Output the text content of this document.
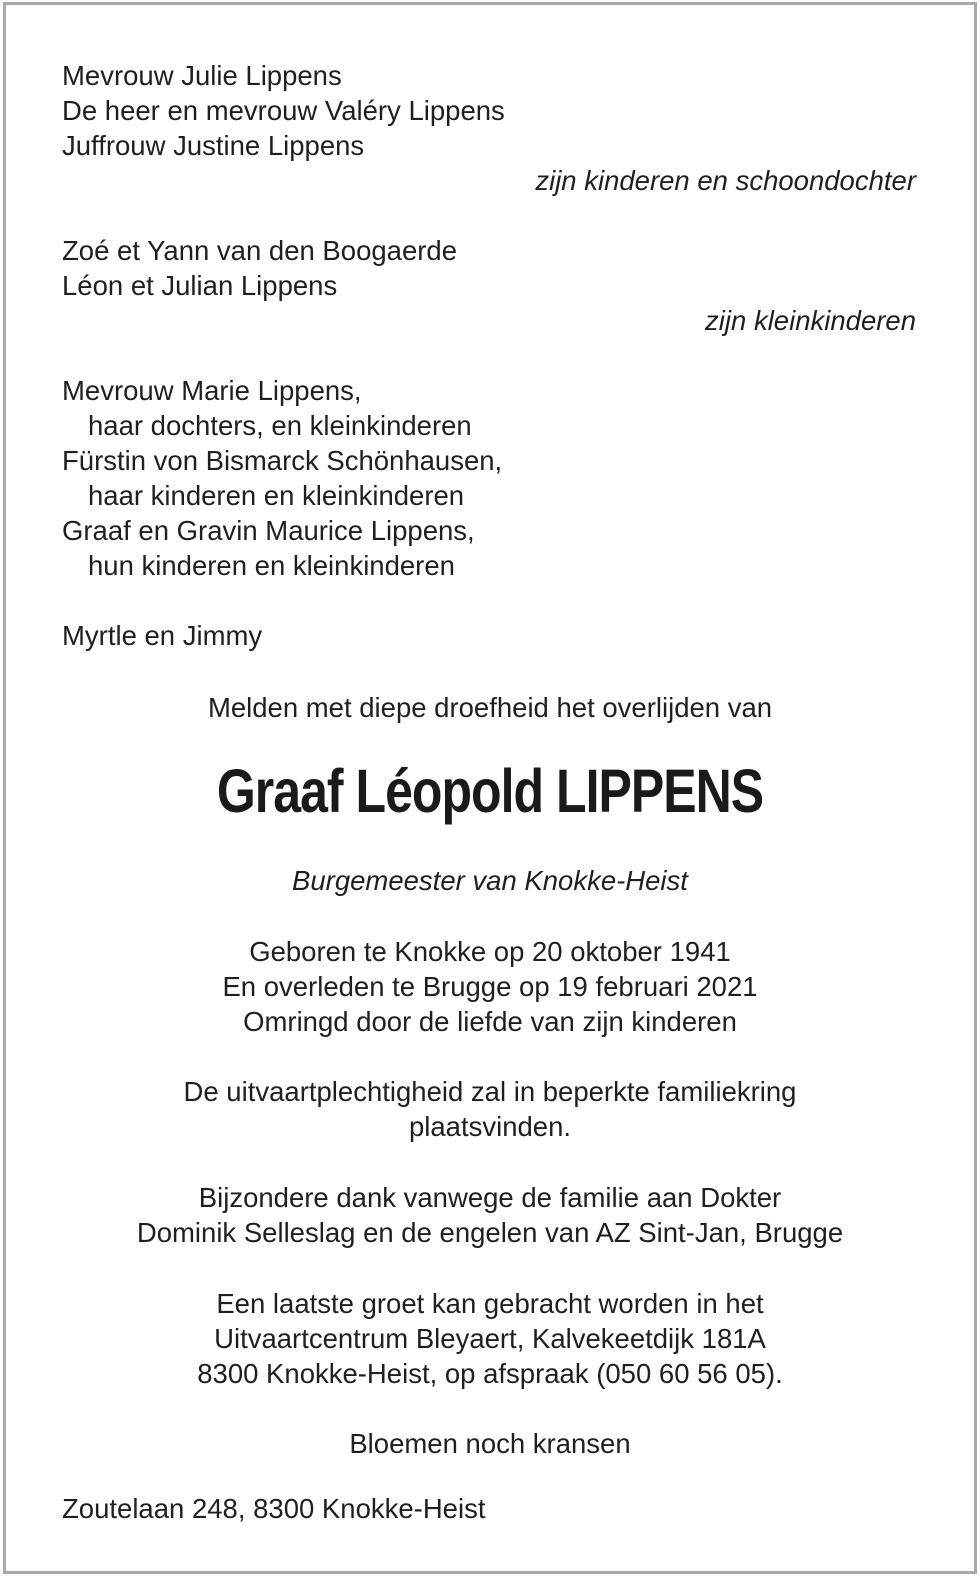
Mevrouw Julie Lippens
De heer en mevrouw Valéry Lippens
Juffrouw Justine Lippens
zijn kinderen en schoondochter
Zoé et Yann van den Boogaerde
Léon et Julian Lippens
zijn kleinkinderen
Mevrouw Marie Lippens,
haar dochters, en kleinkinderen
Fürstin von Bismarck Schönhausen,
haar kinderen en kleinkinderen
Graaf en Gravin Maurice Lippens,
hun kinderen en kleinkinderen
Myrtle en Jimmy
Melden met diepe droefheid het overlijden van
Graaf Léopold LIPPENS
Burgemeester van Knokke-Heist
Geboren te Knokke op 20 oktober 1941
En overleden te Brugge op 19 februari 2021
Omringd door de liefde van zijn kinderen
De uitvaartplechtigheid zal in beperkte familiekring
plaatsvinden.
Bijzondere dank vanwege de familie aan Dokter
Dominik Selleslag en de engelen van AZ Sint-Jan, Brugge
Een laatste groet kan gebracht worden in het
Uitvaartcentrum Bleyaert, Kalvekeetdijk 181A
8300 Knokke-Heist, op afspraak (050 60 56 05).
Bloemen noch kransen
Zoutelaan 248, 8300 Knokke-Heist
